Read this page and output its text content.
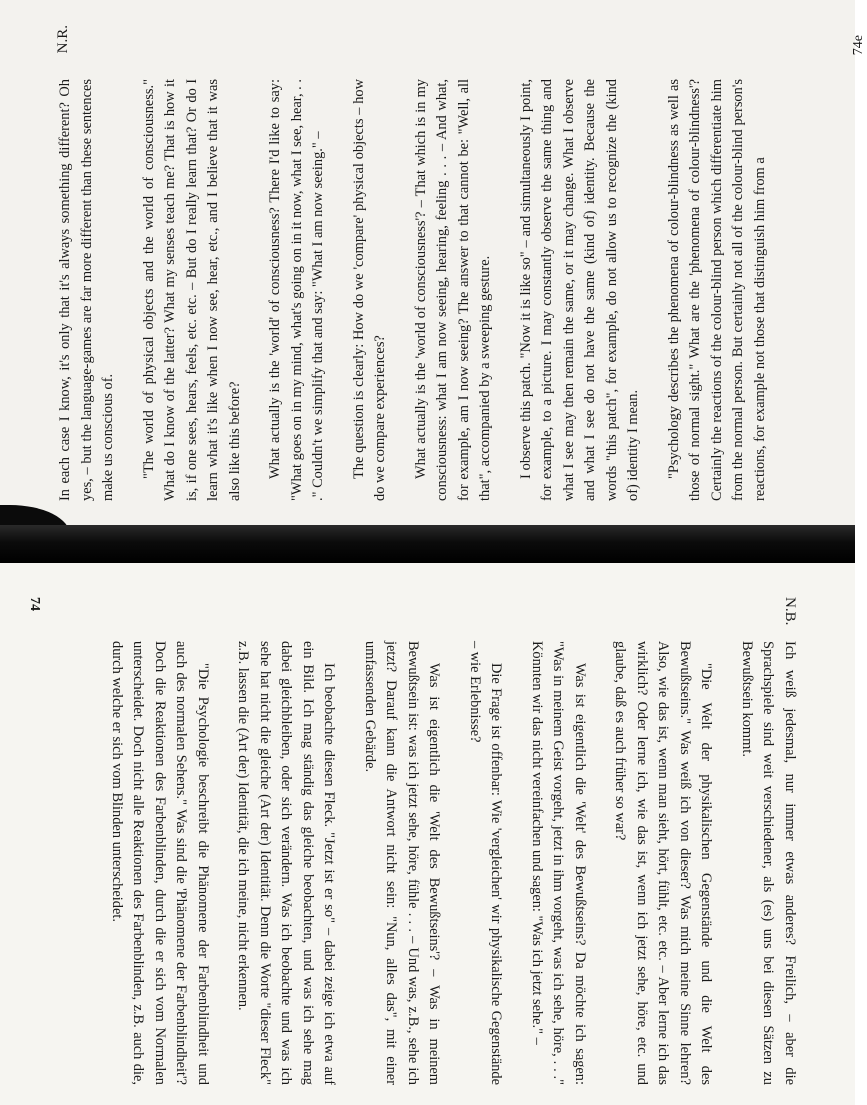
N.R.

In each case I know, it's only that it's always something different? Oh yes, – but the language-games are far more different than these sentences make us conscious of. "The world of physical objects and the world of consciousness." What do I know of the latter? What my senses teach me? That is how it is, if one sees, hears, feels, etc. etc. – But do I really learn that? Or do I learn what it's like when I now see, hear, etc., and I believe that it was also like this before? What actually is the 'world' of consciousness? There I'd like to say: "What goes on in my mind, what's going on in it now, what I see, hear, . . ." Couldn't we simplify that and say: "What I am now seeing." – The question is clearly: How do we 'compare' physical objects – how do we compare experiences? What actually is the 'world of consciousness'? – That which is in my consciousness: what I am now seeing, hearing, feeling . . . – And what, for example, am I now seeing? The answer to that cannot be: "Well, all that", accompanied by a sweeping gesture. I observe this patch. "Now it is like so" – and simultaneously I point, for example, to a picture. I may constantly observe the same thing and what I see may then remain the same, or it may change. What I observe and what I see do not have the same (kind of) identity. Because the words "this patch", for example, do not allow us to recognize the (kind of) identity I mean. "Psychology describes the phenomena of colour-blindness as well as those of normal sight." What are the 'phenomena of colour-blindness'? Certainly the reactions of the colour-blind person which differentiate him from the normal person. But certainly not all of the colour-blind person's reactions, for example not those that distinguish him from a

74e
N.B.

Ich weiß jedesmal, nur immer etwas anderes? Freilich, – aber die Sprachspiele sind weit verschiedener, als (es) uns bei diesen Sätzen zu Bewußtsein kommt.

"Die Welt der physikalischen Gegenstände und die Welt des Bewußtseins." Was weiß ich von dieser? Was mich meine Sinne lehren? Also, wie das ist, wenn man sieht, hört, fühlt, etc. etc. – Aber lerne ich das wirklich? Oder lerne ich, wie das ist, wenn ich jetzt sehe, höre, etc. und glaube, daß es auch früher so war?

Was ist eigentlich die 'Welt' des Bewußtseins? Da möchte ich sagen: "Was in meinem Geist vorgeht, jetzt in ihm vorgeht, was ich sehe, höre, . . ." Könnten wir das nicht vereinfachen und sagen: "Was ich jetzt sehe." –

Die Frage ist offenbar: Wie 'vergleichen' wir physikalische Gegenstände – wie Erlebnisse?

Was ist eigentlich die 'Welt des Bewußtseins'? – Was in meinem Bewußtsein ist: was ich jetzt sehe, höre, fühle . . . – Und was, z.B., sehe ich jetzt? Darauf kann die Antwort nicht sein: "Nun, alles das", mit einer umfassenden Gebärde.

Ich beobachte diesen Fleck. "Jetzt ist er so" – dabei zeige ich etwa auf ein Bild. Ich mag ständig das gleiche beobachten, und was ich sehe mag dabei gleichbleiben, oder sich verändern. Was ich beobachte und was ich sehe hat nicht die gleiche (Art der) Identität. Denn die Worte "dieser Fleck" z.B. lassen die (Art der) Identität, die ich meine, nicht erkennen.

"Die Psychologie beschreibt die Phänomene der Farbenblindheit und auch des normalen Sehens." Was sind die 'Phänomene der Farbenblindheit'? Doch die Reaktionen des Farbenblinden, durch die er sich vom Normalen unterscheidet. Doch nicht alle Reaktionen des Farbenblinden, z.B. auch die, durch welche er sich vom Blinden unterscheidet.

74
